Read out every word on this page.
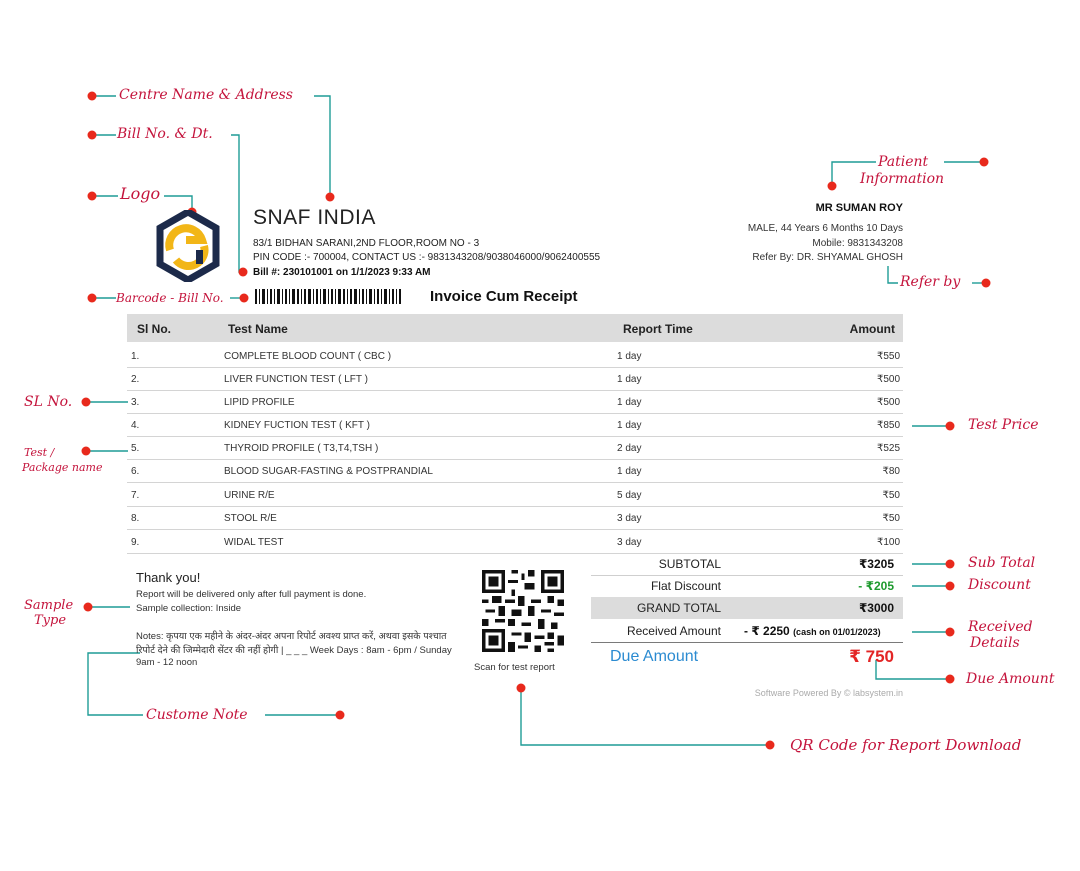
Centre Name & Address
Bill No. & Dt.
Logo
Barcode - Bill No.
Patient
Information
Refer by
SL No.
Test /
Package name
Test Price
Sample
Type
Sub Total
Discount
Received
Details
Due Amount
Custome Note
QR Code for Report Download
SNAF INDIA
83/1 BIDHAN SARANI,2ND FLOOR,ROOM NO - 3
PIN CODE :- 700004, CONTACT US :- 9831343208/9038046000/9062400555
Bill #: 230101001 on 1/1/2023 9:33 AM
Invoice Cum Receipt
MR SUMAN ROY
MALE, 44 Years 6 Months 10 Days
Mobile: 9831343208
Refer By: DR. SHYAMAL GHOSH
Sl No.	Test Name	Report Time	Amount
1.	COMPLETE BLOOD COUNT ( CBC )	1 day	₹550
2.	LIVER FUNCTION TEST ( LFT )	1 day	₹500
3.	LIPID PROFILE	1 day	₹500
4.	KIDNEY FUCTION TEST ( KFT )	1 day	₹850
5.	THYROID PROFILE ( T3,T4,TSH )	2 day	₹525
6.	BLOOD SUGAR-FASTING & POSTPRANDIAL	1 day	₹80
7.	URINE R/E	5 day	₹50
8.	STOOL R/E	3 day	₹50
9.	WIDAL TEST	3 day	₹100
Thank you!
Report will be delivered only after full payment is done.
Sample collection: Inside
Notes: कृपया एक महीने के अंदर-अंदर अपना रिपोर्ट अवश्य प्राप्त करें, अथवा इसके पश्चात
रिपोर्ट देने की जिम्मेदारी सेंटर की नहीं होगी | _ _ _ Week Days : 8am - 6pm / Sunday
9am - 12 noon	Scan for test report
SUBTOTAL	₹3205
Flat Discount	- ₹205
GRAND TOTAL	₹3000
Received Amount - ₹ 2250 (cash on 01/01/2023)
Due Amount	₹ 750
Software Powered By © labsystem.in
